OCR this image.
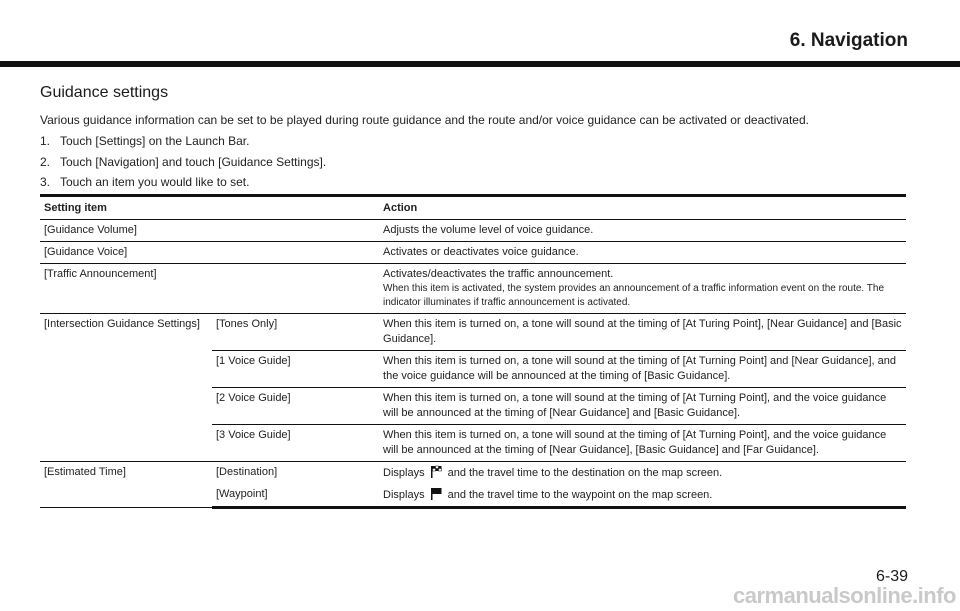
6. Navigation
Guidance settings
Various guidance information can be set to be played during route guidance and the route and/or voice guidance can be activated or deactivated.
1. Touch [Settings] on the Launch Bar.
2. Touch [Navigation] and touch [Guidance Settings].
3. Touch an item you would like to set.
Setting item		Action
[Guidance Volume]		Adjusts the volume level of voice guidance.
[Guidance Voice]		Activates or deactivates voice guidance.
[Traffic Announcement]		Activates/deactivates the traffic announcement.
When this item is activated, the system provides an announcement of a traffic information event on the route. The indicator illuminates if traffic announcement is activated.

[Intersection Guidance Settings]	[Tones Only]	When this item is turned on, a tone will sound at the timing of [At Turing Point], [Near Guidance] and [Basic Guidance].
	[1 Voice Guide]	When this item is turned on, a tone will sound at the timing of [At Turning Point] and [Near Guidance], and the voice guidance will be announced at the timing of [Basic Guidance].
	[2 Voice Guide]	When this item is turned on, a tone will sound at the timing of [At Turning Point], and the voice guidance will be announced at the timing of [Near Guidance] and [Basic Guidance].
	[3 Voice Guide]	When this item is turned on, a tone will sound at the timing of [At Turning Point], and the voice guidance will be announced at the timing of [Near Guidance], [Basic Guidance] and [Far Guidance].
[Estimated Time]	[Destination]	Displays and the travel time to the destination on the map screen.
	[Waypoint]	Displays and the travel time to the waypoint on the map screen.
6-39
carmanualsonline.info
